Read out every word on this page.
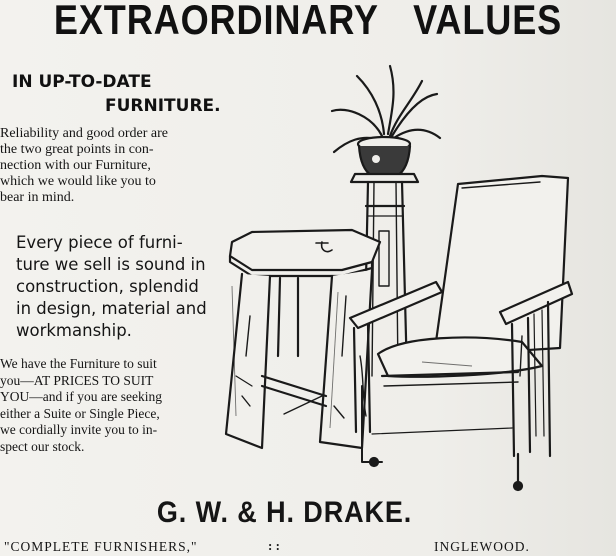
EXTRAORDINARY VALUES
IN UP-TO-DATE
FURNITURE.
Reliability and good order are
the two great points in con-
nection with our Furniture,
which we would like you to
bear in mind.
Every piece of furni-
ture we sell is sound in
construction, splendid
in design, material and
workmanship.
We have the Furniture to suit
you—AT PRICES TO SUIT
YOU—and if you are seeking
either a Suite or Single Piece,
we cordially invite you to in-
spect our stock.
G. W. & H. DRAKE.
"COMPLETE FURNISHERS,"	: :	INGLEWOOD.
